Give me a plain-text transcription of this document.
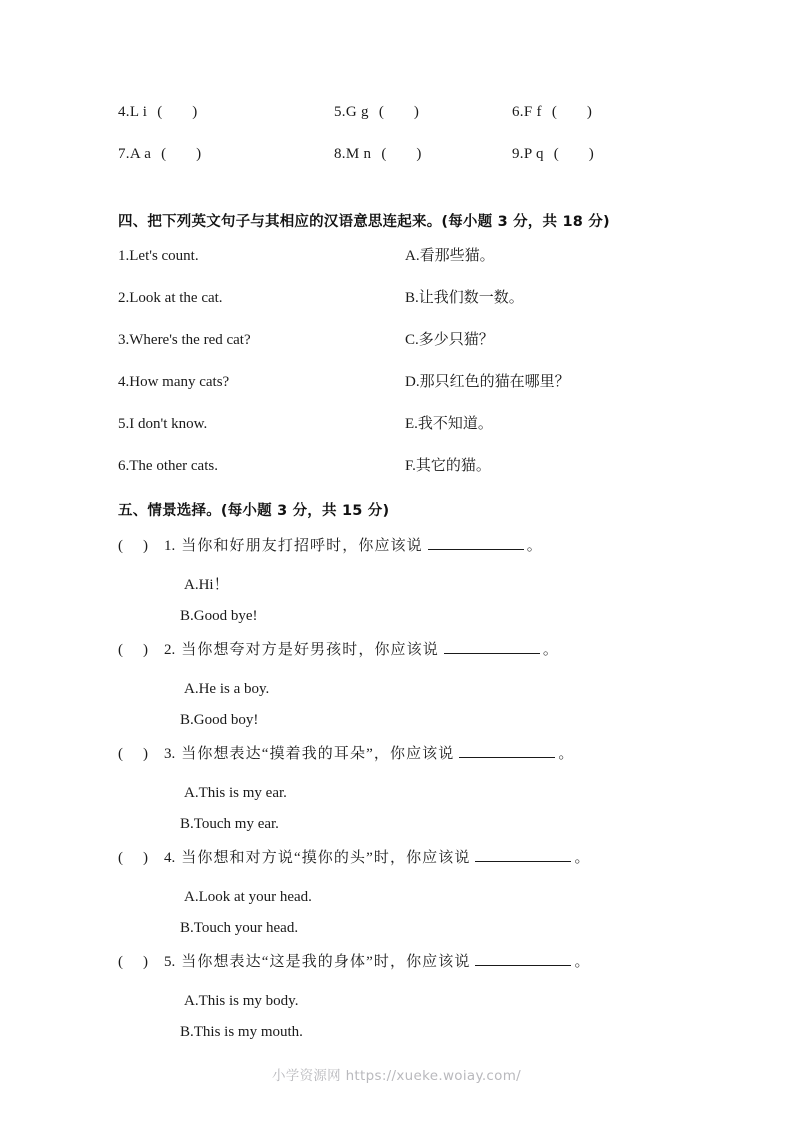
4.L i (    )	5.G g (    )	6.F f (    )
7.A a (    )	8.M n (    )	9.P q (    )
四、把下列英文句子与其相应的汉语意思连起来。(每小题 3 分，共 18 分)
1.Let's count.	A.看那些猫。
2.Look at the cat.	B.让我们数一数。
3.Where's the red cat?	C.多少只猫？
4.How many cats?	D.那只红色的猫在哪里？
5.I don't know.	E.我不知道。
6.The other cats.	F.其它的猫。
五、情景选择。(每小题 3 分，共 15 分)
(    )	1. 当你和好朋友打招呼时，你应该说	。
A.Hi！
B.Good bye!
(    )	2. 当你想夸对方是好男孩时，你应该说	。
A.He is a boy.
B.Good boy!
(    )	3. 当你想表达“摸着我的耳朵”，你应该说	。
A.This is my ear.
B.Touch my ear.
(    )	4. 当你想和对方说“摸你的头”时，你应该说	。
A.Look at your head.
B.Touch your head.
(    )	5. 当你想表达“这是我的身体”时，你应该说	。
A.This is my body.
B.This is my mouth.
小学资源网 https://xueke.woiay.com/
